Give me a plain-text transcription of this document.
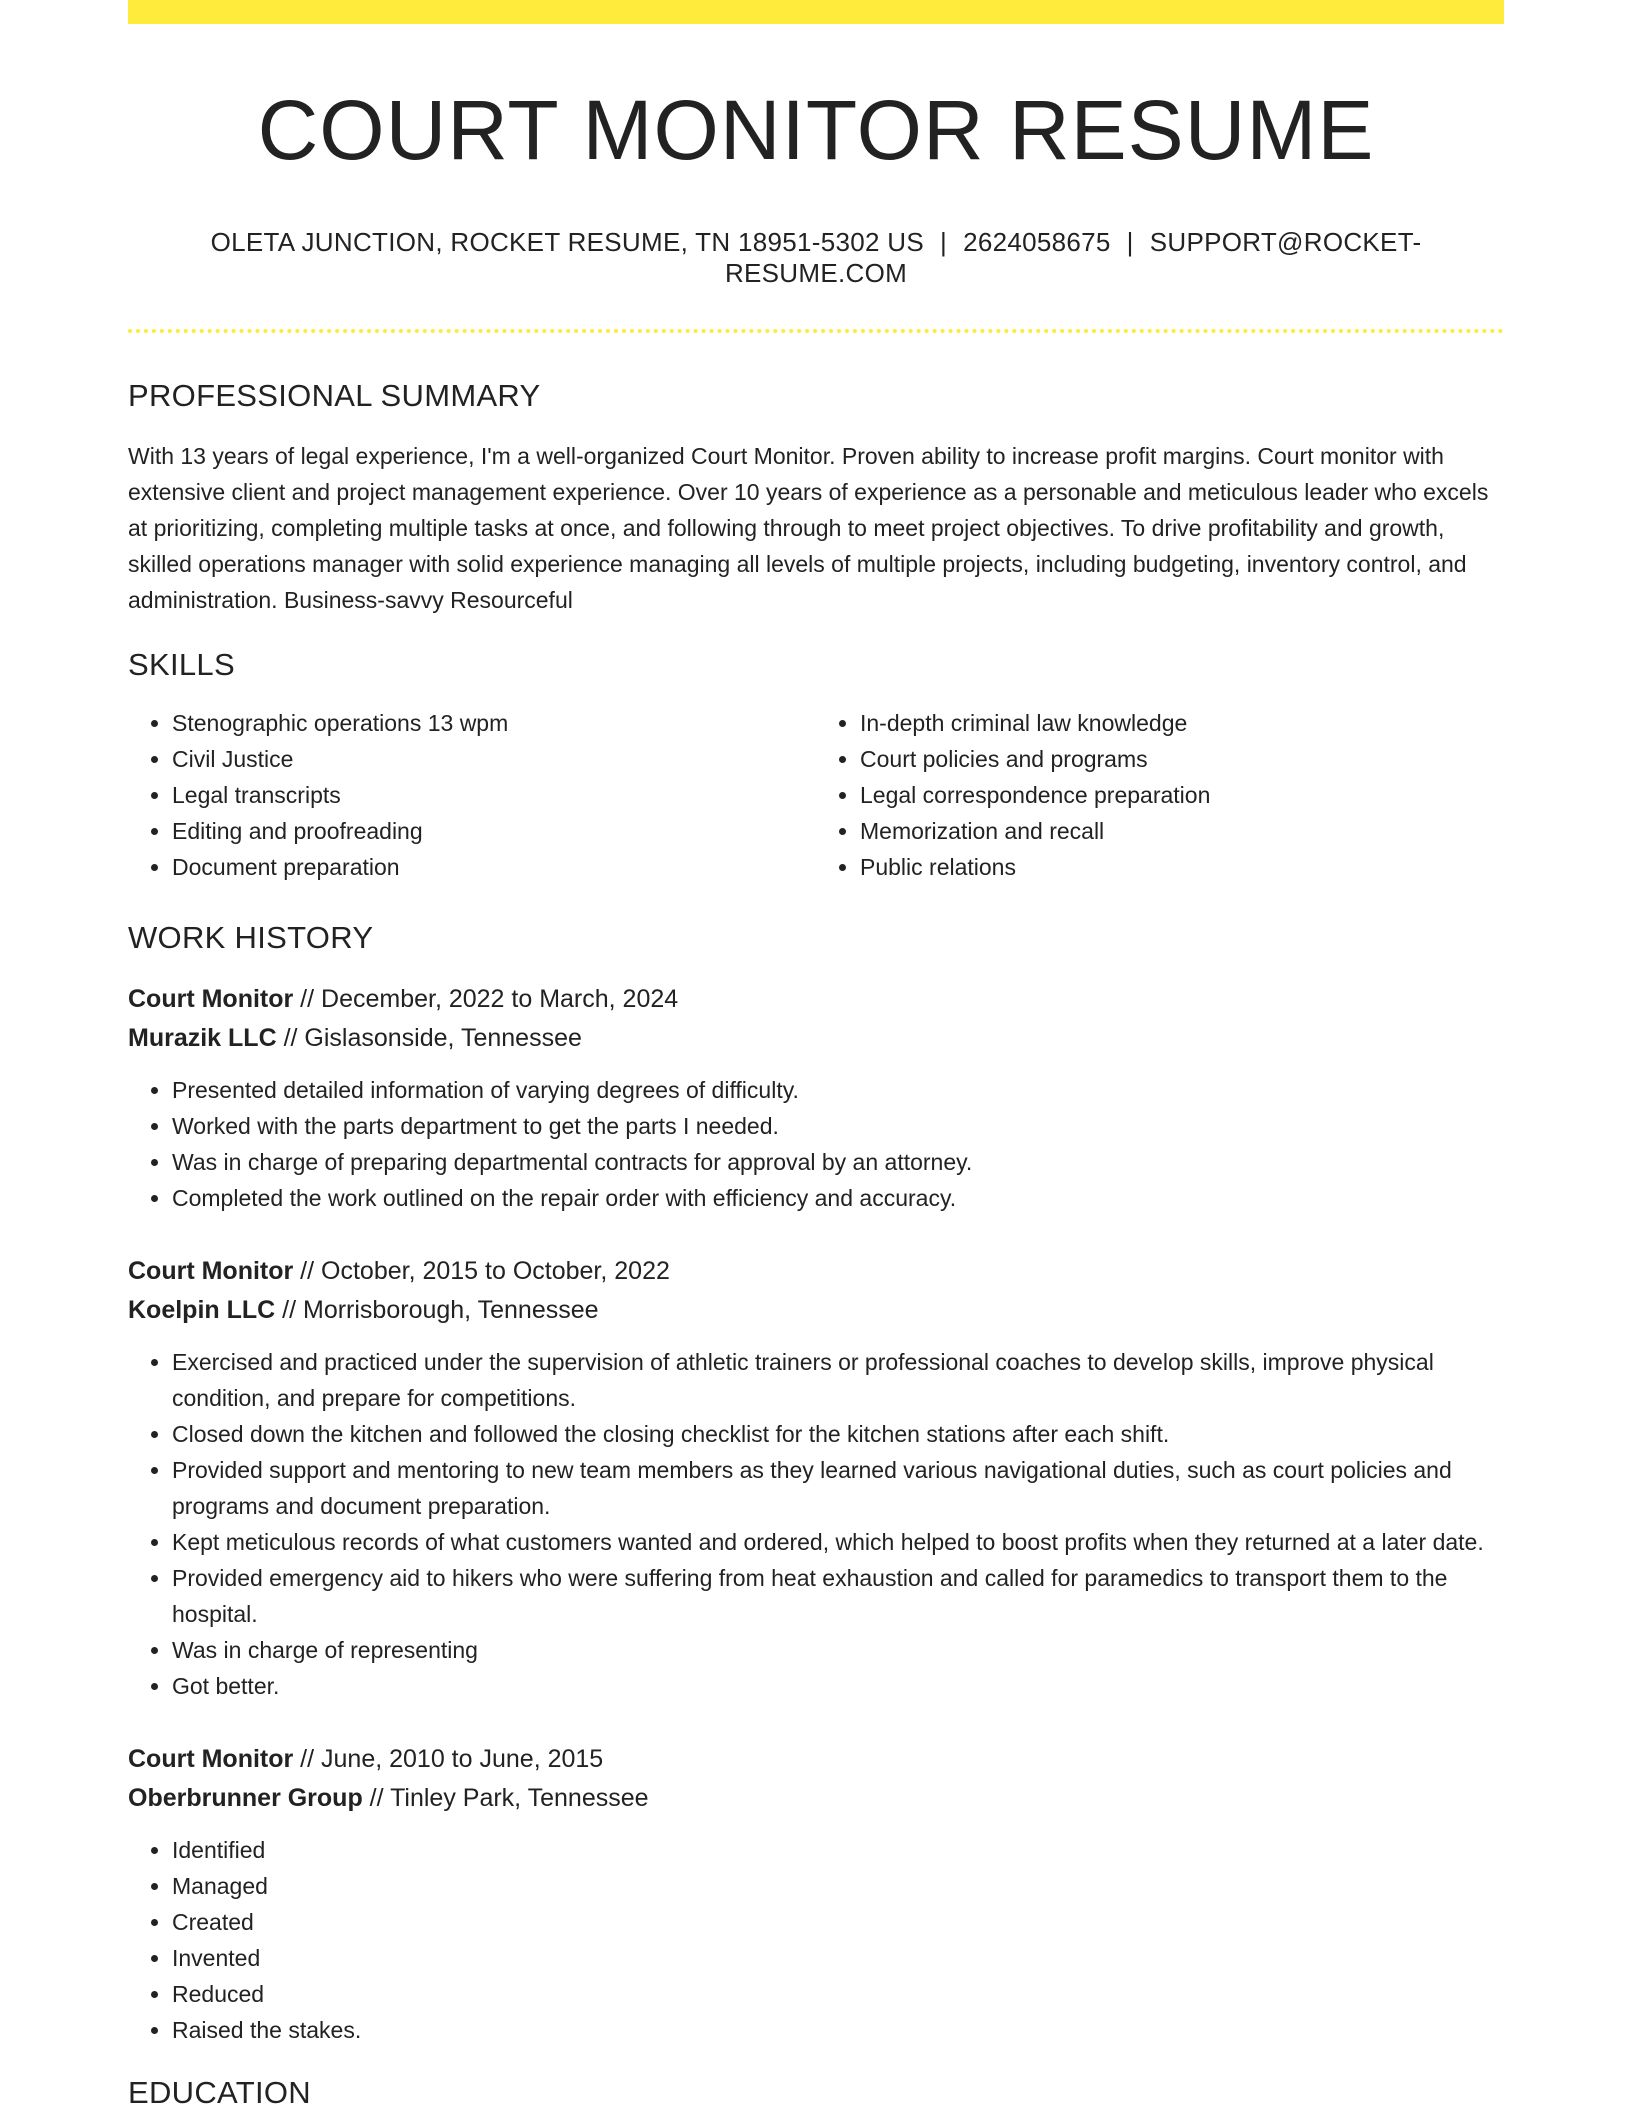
COURT MONITOR RESUME
OLETA JUNCTION, ROCKET RESUME, TN 18951-5302 US | 2624058675 | SUPPORT@ROCKET-RESUME.COM
PROFESSIONAL SUMMARY

With 13 years of legal experience, I'm a well-organized Court Monitor. Proven ability to increase profit margins. Court monitor with extensive client and project management experience. Over 10 years of experience as a personable and meticulous leader who excels at prioritizing, completing multiple tasks at once, and following through to meet project objectives. To drive profitability and growth, skilled operations manager with solid experience managing all levels of multiple projects, including budgeting, inventory control, and administration. Business-savvy Resourceful

SKILLS
• Stenographic operations 13 wpm
• Civil Justice
• Legal transcripts
• Editing and proofreading
• Document preparation
• In-depth criminal law knowledge
• Court policies and programs
• Legal correspondence preparation
• Memorization and recall
• Public relations
WORK HISTORY
Court Monitor // December, 2022 to March, 2024
Murazik LLC // Gislasonside, Tennessee
• Presented detailed information of varying degrees of difficulty.
• Worked with the parts department to get the parts I needed.
• Was in charge of preparing departmental contracts for approval by an attorney.
• Completed the work outlined on the repair order with efficiency and accuracy.
Court Monitor // October, 2015 to October, 2022
Koelpin LLC // Morrisborough, Tennessee
• Exercised and practiced under the supervision of athletic trainers or professional coaches to develop skills, improve physical condition, and prepare for competitions.
• Closed down the kitchen and followed the closing checklist for the kitchen stations after each shift.
• Provided support and mentoring to new team members as they learned various navigational duties, such as court policies and programs and document preparation.
• Kept meticulous records of what customers wanted and ordered, which helped to boost profits when they returned at a later date.
• Provided emergency aid to hikers who were suffering from heat exhaustion and called for paramedics to transport them to the hospital.
• Was in charge of representing
• Got better.
Court Monitor // June, 2010 to June, 2015
Oberbrunner Group // Tinley Park, Tennessee
• Identified
• Managed
• Created
• Invented
• Reduced
• Raised the stakes.
EDUCATION
